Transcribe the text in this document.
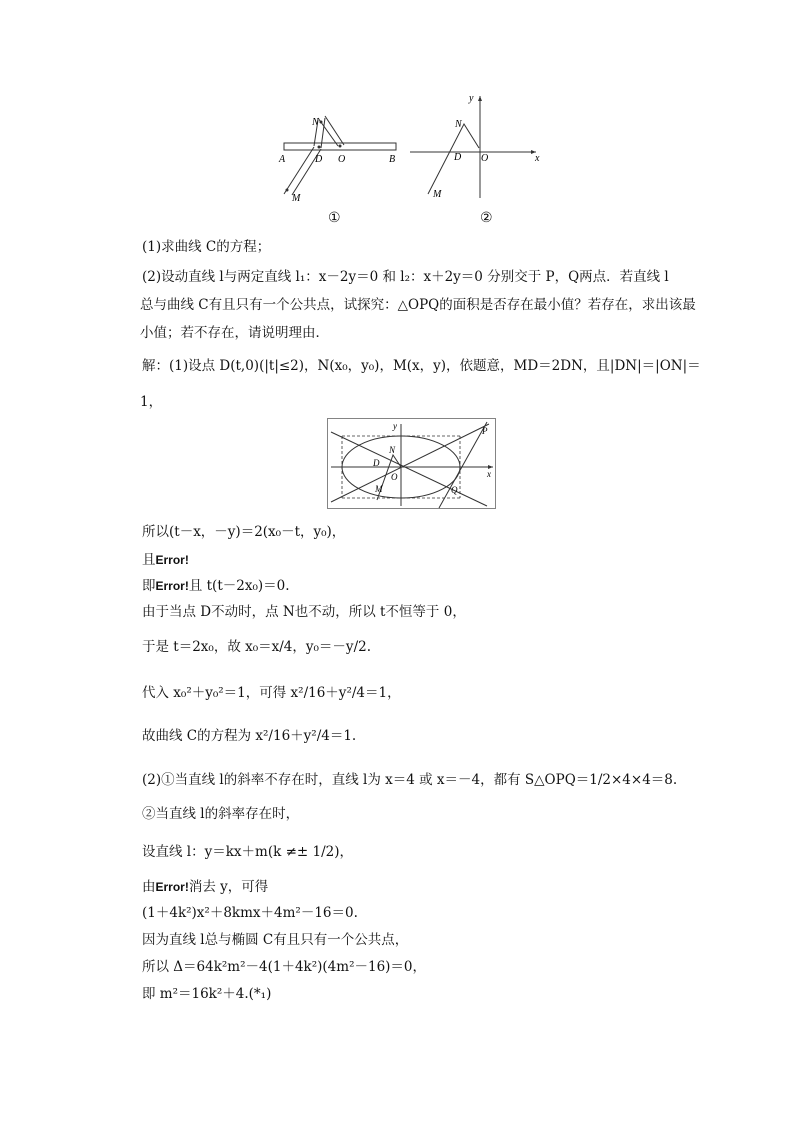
A	B
D O
N
M
①
y
x
N
D O
M
②
(1)求曲线 C的方程；
(2)设动直线 l与两定直线 l₁：x－2y＝0 和 l₂：x＋2y＝0 分别交于 P，Q两点．若直线 l
总与曲线 C有且只有一个公共点，试探究：△OPQ的面积是否存在最小值？若存在，求出该最
小值；若不存在，请说明理由．
解：(1)设点 D(t,0)(|t|≤2)，N(x₀，y₀)，M(x，y)，依题意，MD＝2DN，且|DN|＝|ON|＝
1，
y
x
N
D
O
M
P
Q
所以(t－x，－y)＝2(x₀－t，y₀)，
且Error!
即Error!且 t(t－2x₀)＝0.
由于当点 D不动时，点 N也不动，所以 t不恒等于 0，
于是 t＝2x₀，故 x₀＝x/4，y₀＝－y/2.
代入 x₀²＋y₀²＝1，可得 x²/16＋y²/4＝1，
故曲线 C的方程为 x²/16＋y²/4＝1.
(2)①当直线 l的斜率不存在时，直线 l为 x＝4 或 x＝－4，都有 S△OPQ＝1/2×4×4＝8.
②当直线 l的斜率存在时，
设直线 l：y＝kx＋m(k ≠± 1/2)，
由Error!消去 y，可得
(1＋4k²)x²＋8kmx＋4m²－16＝0.
因为直线 l总与椭圆 C有且只有一个公共点，
所以 Δ＝64k²m²－4(1＋4k²)(4m²－16)＝0，
即 m²＝16k²＋4.(*₁)
